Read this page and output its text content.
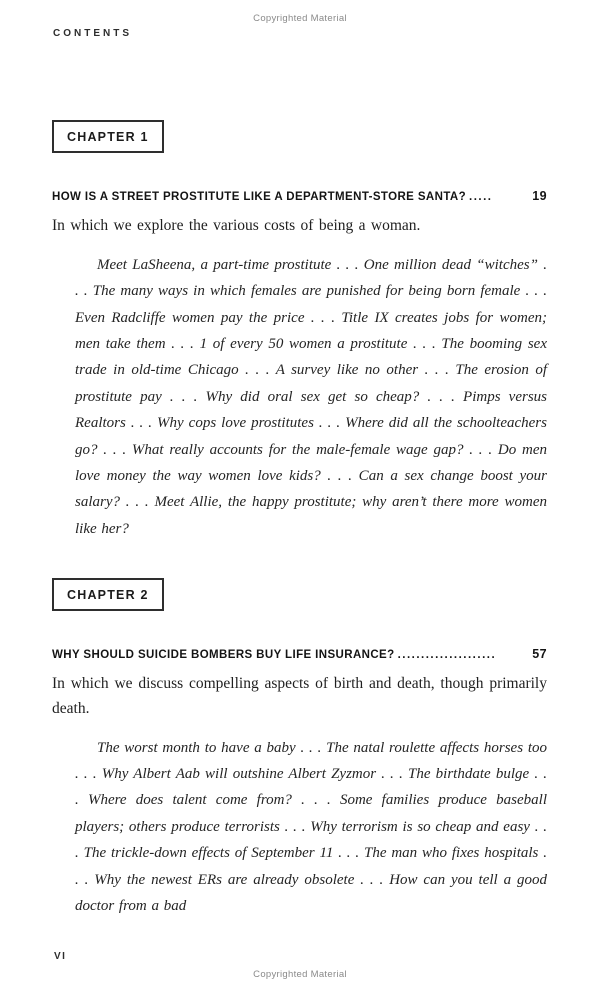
Copyrighted Material
CONTENTS
CHAPTER 1
HOW IS A STREET PROSTITUTE LIKE A DEPARTMENT-STORE SANTA? .....	19

In which we explore the various costs of being a woman.

Meet LaSheena, a part-time prostitute . . . One million dead “witches” . . . The many ways in which females are punished for being born female . . . Even Radcliffe women pay the price . . . Title IX creates jobs for women; men take them . . . 1 of every 50 women a prostitute . . . The booming sex trade in old-time Chicago . . . A survey like no other . . . The erosion of prostitute pay . . . Why did oral sex get so cheap? . . . Pimps versus Realtors . . . Why cops love prostitutes . . . Where did all the schoolteachers go? . . . What really accounts for the male-female wage gap? . . . Do men love money the way women love kids? . . . Can a sex change boost your salary? . . . Meet Allie, the happy prostitute; why aren’t there more women like her?

CHAPTER 2
WHY SHOULD SUICIDE BOMBERS BUY LIFE INSURANCE? .....................	57

In which we discuss compelling aspects of birth and death, though primarily death.

The worst month to have a baby . . . The natal roulette affects horses too . . . Why Albert Aab will outshine Albert Zyzmor . . . The birthdate bulge . . . Where does talent come from? . . . Some families produce baseball players; others produce terrorists . . . Why terrorism is so cheap and easy . . . The trickle-down effects of September 11 . . . The man who fixes hospitals . . . Why the newest ERs are already obsolete . . . How can you tell a good doctor from a bad

VI
Copyrighted Material
